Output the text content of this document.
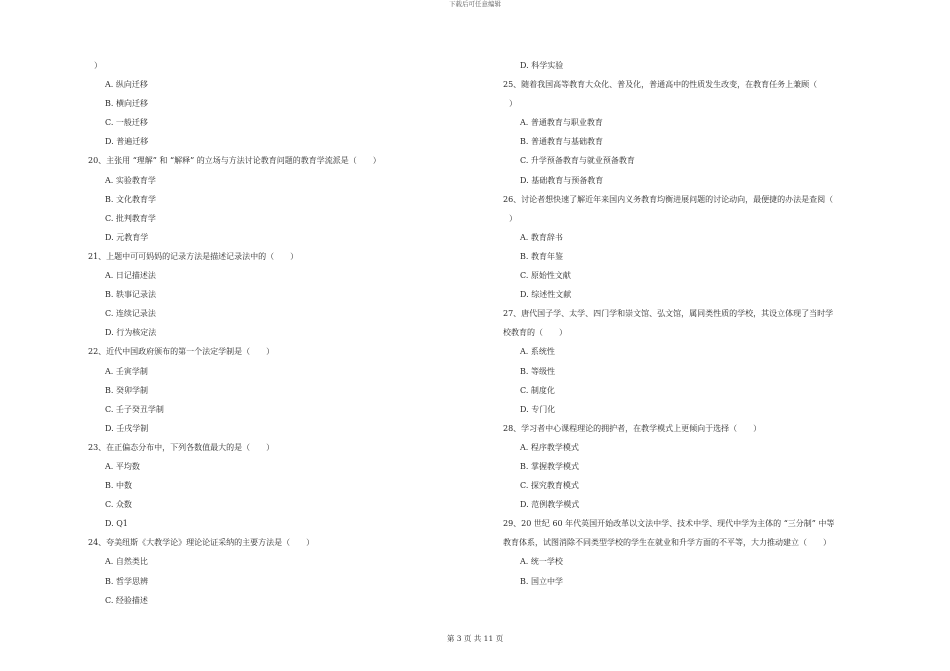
下载后可任意编辑
）
A. 纵向迁移
B. 横向迁移
C. 一般迁移
D. 普遍迁移
20、主张用 “理解” 和 “解释” 的立场与方法讨论教育问题的教育学流派是（　　）
A. 实验教育学
B. 文化教育学
C. 批判教育学
D. 元教育学
21、上题中可可妈妈的记录方法是描述记录法中的（　　）
A. 日记描述法
B. 轶事记录法
C. 连续记录法
D. 行为核定法
22、近代中国政府颁布的第一个法定学制是（　　）
A. 壬寅学制
B. 癸卯学制
C. 壬子癸丑学制
D. 壬戌学制
23、在正偏态分布中，下列各数值最大的是（　　）
A. 平均数
B. 中数
C. 众数
D. Q1
24、夸美纽斯《大教学论》理论论证采纳的主要方法是（　　）
A. 自然类比
B. 哲学思辨
C. 经验描述
D. 科学实验
25、随着我国高等教育大众化、普及化，普通高中的性质发生改变，在教育任务上兼顾（
）
A. 普通教育与职业教育
B. 普通教育与基础教育
C. 升学预备教育与就业预备教育
D. 基础教育与预备教育
26、讨论者想快速了解近年来国内义务教育均衡进展问题的讨论动向，最便捷的办法是查阅（
）
A. 教育辞书
B. 教育年鉴
C. 原始性文献
D. 综述性文献
27、唐代国子学、太学、四门学和崇文馆、弘文馆，属同类性质的学校，其设立体现了当时学
校教育的（　　）
A. 系统性
B. 等级性
C. 制度化
D. 专门化
28、学习者中心课程理论的拥护者，在教学模式上更倾向于选择（　　）
A. 程序教学模式
B. 掌握教学模式
C. 探究教育模式
D. 范例教学模式
29、20 世纪 60 年代英国开始改革以文法中学、技术中学、现代中学为主体的 “三分制” 中等
教育体系，试图消除不同类型学校的学生在就业和升学方面的不平等，大力推动建立（　　）
A. 统一学校
B. 国立中学
第 3 页 共 11 页
